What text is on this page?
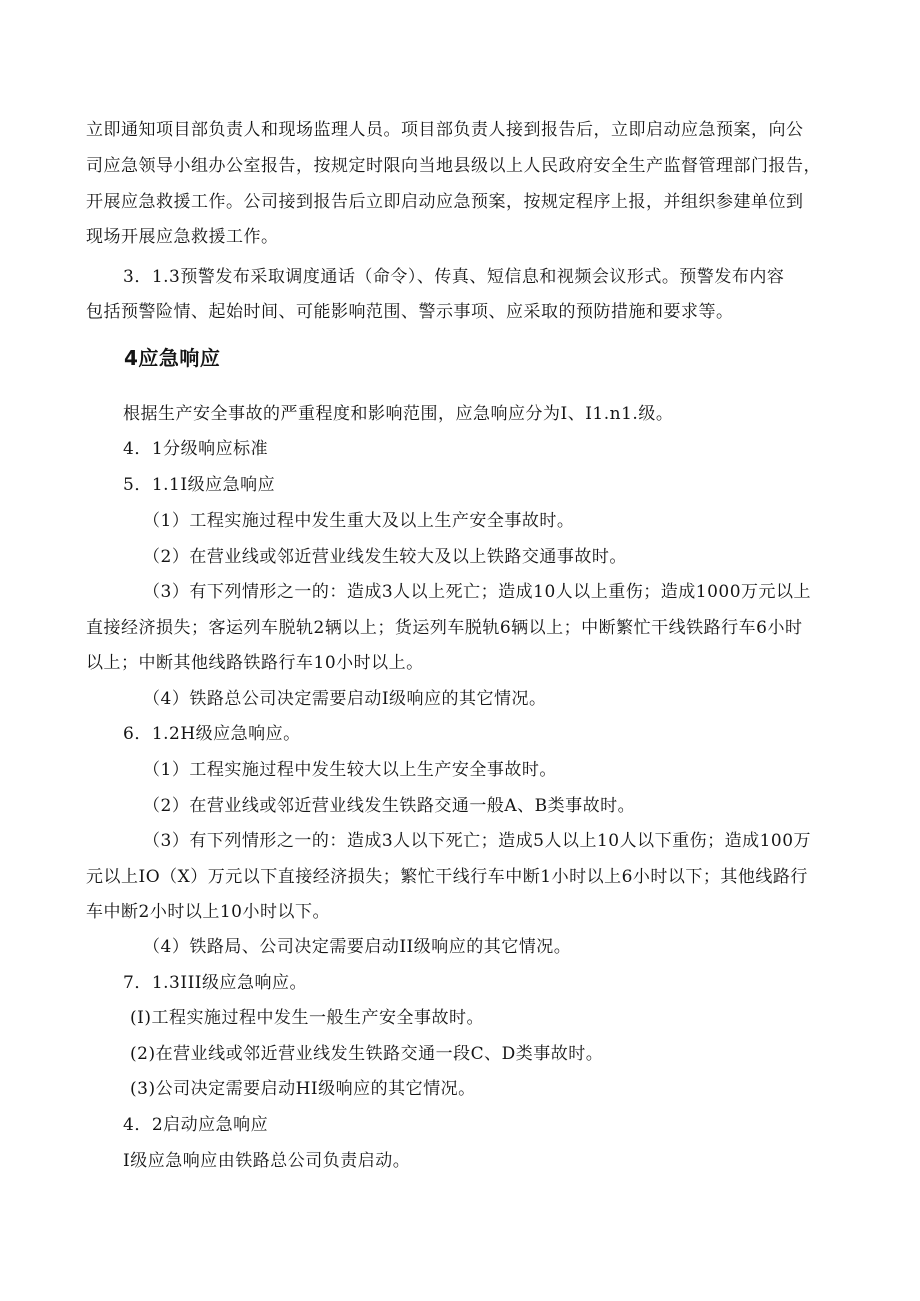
立即通知项目部负责人和现场监理人员。项目部负责人接到报告后，立即启动应急预案，向公
司应急领导小组办公室报告，按规定时限向当地县级以上人民政府安全生产监督管理部门报告，
开展应急救援工作。公司接到报告后立即启动应急预案，按规定程序上报，并组织参建单位到
现场开展应急救援工作。
3．1.3预警发布采取调度通话（命令）、传真、短信息和视频会议形式。预警发布内容
包括预警险情、起始时间、可能影响范围、警示事项、应采取的预防措施和要求等。
4应急响应
根据生产安全事故的严重程度和影响范围，应急响应分为I、I1.n1.级。
4．1分级响应标准
5．1.1I级应急响应
（1）工程实施过程中发生重大及以上生产安全事故时。
（2）在营业线或邻近营业线发生较大及以上铁路交通事故时。
（3）有下列情形之一的：造成3人以上死亡；造成10人以上重伤；造成1000万元以上
直接经济损失；客运列车脱轨2辆以上；货运列车脱轨6辆以上；中断繁忙干线铁路行车6小时
以上；中断其他线路铁路行车10小时以上。
（4）铁路总公司决定需要启动I级响应的其它情况。
6．1.2H级应急响应。
（1）工程实施过程中发生较大以上生产安全事故时。
（2）在营业线或邻近营业线发生铁路交通一般A、B类事故时。
（3）有下列情形之一的：造成3人以下死亡；造成5人以上10人以下重伤；造成100万
元以上IO（X）万元以下直接经济损失；繁忙干线行车中断1小时以上6小时以下；其他线路行
车中断2小时以上10小时以下。
（4）铁路局、公司决定需要启动II级响应的其它情况。
7．1.3III级应急响应。
(I)工程实施过程中发生一般生产安全事故时。
(2)在营业线或邻近营业线发生铁路交通一段C、D类事故时。
(3)公司决定需要启动HI级响应的其它情况。
4．2启动应急响应
I级应急响应由铁路总公司负责启动。
